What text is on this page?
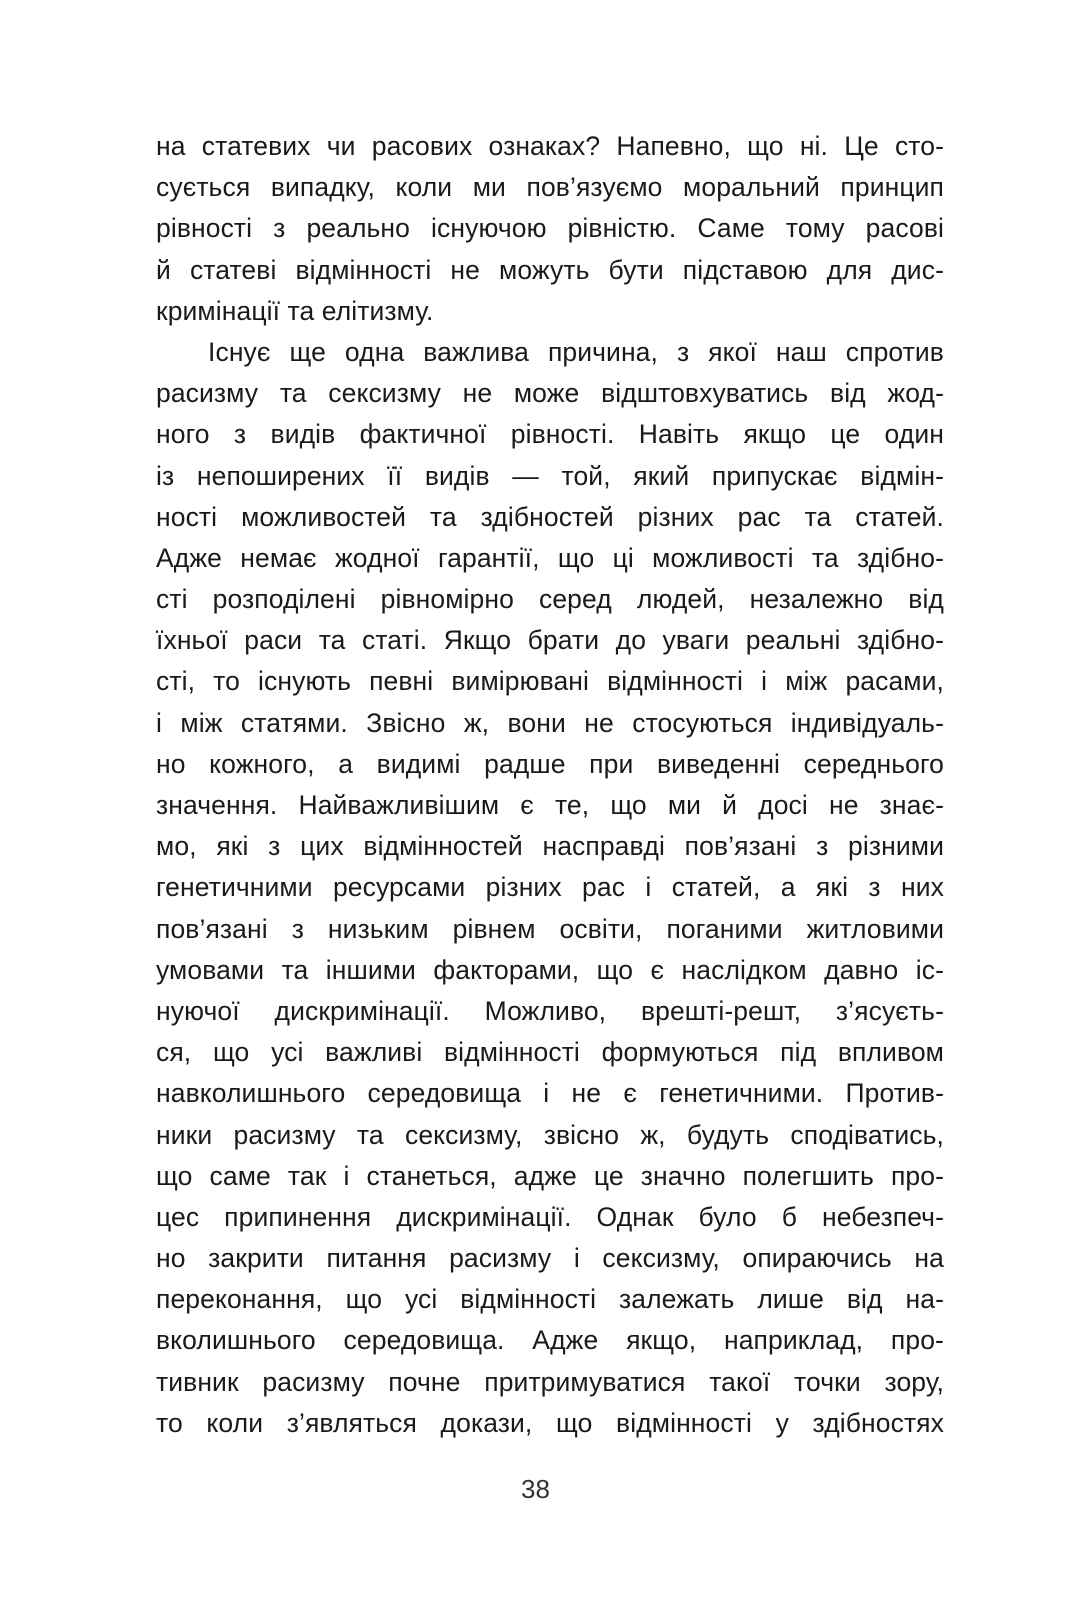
на статевих чи расових ознаках? Напевно, що ні. Це сто-
сується випадку, коли ми пов’язуємо моральний принцип
рівності з реально існуючою рівністю. Саме тому расові
й статеві відмінності не можуть бути підставою для дис-
кримінації та елітизму.
Існує ще одна важлива причина, з якої наш спротив
расизму та сексизму не може відштовхуватись від жод-
ного з видів фактичної рівності. Навіть якщо це один
із непоширених її видів — той, який припускає відмін-
ності можливостей та здібностей різних рас та статей.
Адже немає жодної гарантії, що ці можливості та здібно-
сті розподілені рівномірно серед людей, незалежно від
їхньої раси та статі. Якщо брати до уваги реальні здібно-
сті, то існують певні вимірювані відмінності і між расами,
і між статями. Звісно ж, вони не стосуються індивідуаль-
но кожного, а видимі радше при виведенні середнього
значення. Найважливішим є те, що ми й досі не знає-
мо, які з цих відмінностей насправді пов’язані з різними
генетичними ресурсами різних рас і статей, а які з них
пов’язані з низьким рівнем освіти, поганими житловими
умовами та іншими факторами, що є наслідком давно іс-
нуючої дискримінації. Можливо, врешті-решт, з’ясуєть-
ся, що усі важливі відмінності формуються під впливом
навколишнього середовища і не є генетичними. Против-
ники расизму та сексизму, звісно ж, будуть сподіватись,
що саме так і станеться, адже це значно полегшить про-
цес припинення дискримінації. Однак було б небезпеч-
но закрити питання расизму і сексизму, опираючись на
переконання, що усі відмінності залежать лише від на-
вколишнього середовища. Адже якщо, наприклад, про-
тивник расизму почне притримуватися такої точки зору,
то коли з’являться докази, що відмінності у здібностях
38
